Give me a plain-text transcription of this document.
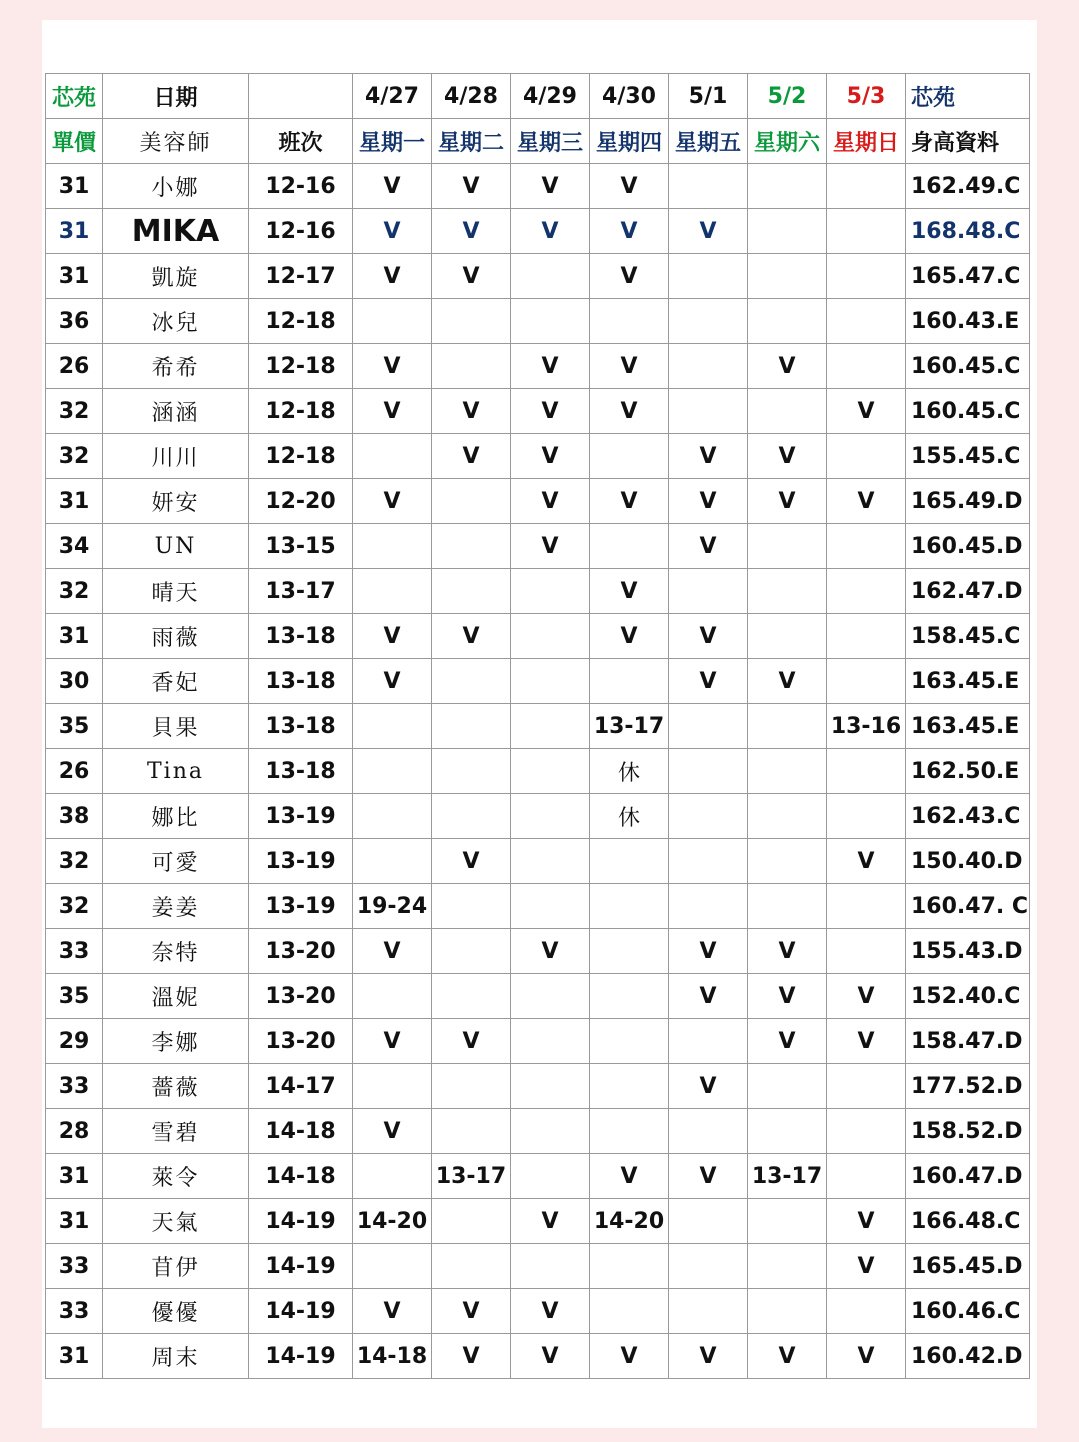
芯苑	日期		4/27	4/28	4/29	4/30	5/1	5/2	5/3	芯苑
單價	美容師	班次	星期一	星期二	星期三	星期四	星期五	星期六	星期日	身高資料
31	小娜	12-16	V	V	V	V				162.49.C
31	MIKA	12-16	V	V	V	V	V			168.48.C
31	凱旋	12-17	V	V		V				165.47.C
36	冰兒	12-18								160.43.E
26	希希	12-18	V		V	V		V		160.45.C
32	涵涵	12-18	V	V	V	V			V	160.45.C
32	川川	12-18		V	V		V	V		155.45.C
31	妍安	12-20	V		V	V	V	V	V	165.49.D
34	UN	13-15			V		V			160.45.D
32	晴天	13-17				V				162.47.D
31	雨薇	13-18	V	V		V	V			158.45.C
30	香妃	13-18	V				V	V		163.45.E
35	貝果	13-18				13-17			13-16	163.45.E
26	Tina	13-18				休				162.50.E
38	娜比	13-19				休				162.43.C
32	可愛	13-19		V					V	150.40.D
32	姜姜	13-19	19-24							160.47. C
33	奈特	13-20	V		V		V	V		155.43.D
35	溫妮	13-20					V	V	V	152.40.C
29	李娜	13-20	V	V				V	V	158.47.D
33	薔薇	14-17					V			177.52.D
28	雪碧	14-18	V							158.52.D
31	萊令	14-18		13-17		V	V	13-17		160.47.D
31	天氣	14-19	14-20		V	14-20			V	166.48.C
33	苜伊	14-19							V	165.45.D
33	優優	14-19	V	V	V					160.46.C
31	周末	14-19	14-18	V	V	V	V	V	V	160.42.D
